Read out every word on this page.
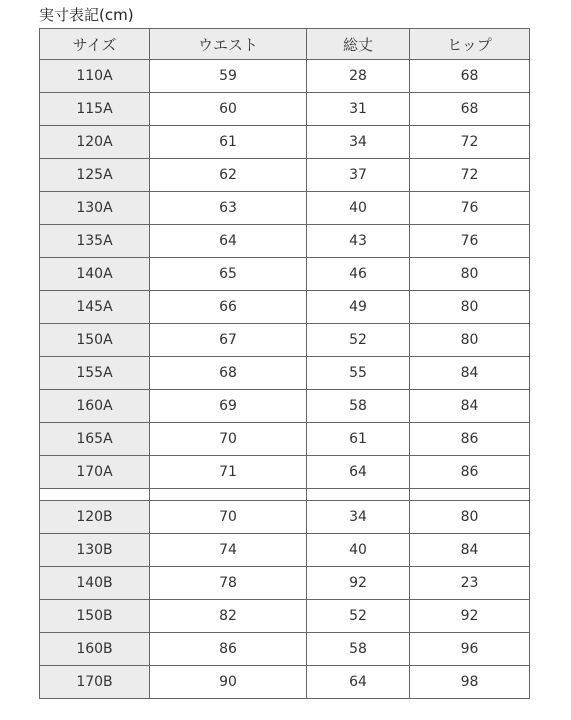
実寸表記(cm)
サイズ	ウエスト	総丈	ヒップ
110A	59	28	68
115A	60	31	68
120A	61	34	72
125A	62	37	72
130A	63	40	76
135A	64	43	76
140A	65	46	80
145A	66	49	80
150A	67	52	80
155A	68	55	84
160A	69	58	84
165A	70	61	86
170A	71	64	86

120B	70	34	80
130B	74	40	84
140B	78	92	23
150B	82	52	92
160B	86	58	96
170B	90	64	98
